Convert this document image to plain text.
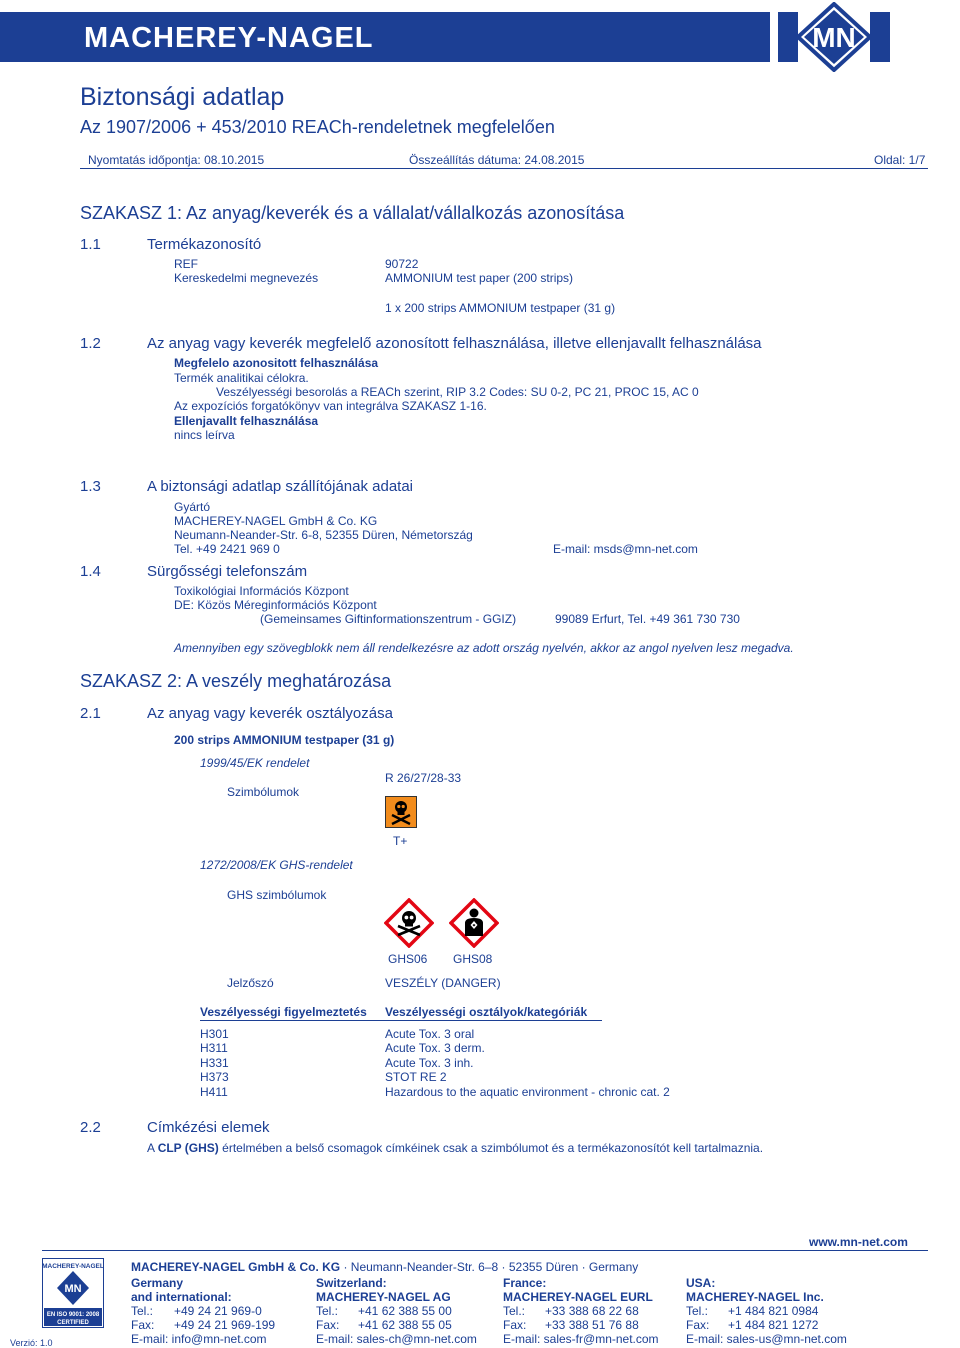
MACHEREY-NAGEL	MN
Biztonsági adatlap
Az 1907/2006 + 453/2010 REACh-rendeletnek megfelelően
Nyomtatás időpontja: 08.10.2015	Összeállítás dátuma: 24.08.2015	Oldal: 1/7
SZAKASZ 1: Az anyag/keverék és a vállalat/vállalkozás azonosítása
1.1	Termékazonosító
REF	90722
Kereskedelmi megnevezés	AMMONIUM test paper (200 strips)
1 x 200 strips AMMONIUM testpaper (31 g)
1.2	Az anyag vagy keverék megfelelő azonosított felhasználása, illetve ellenjavallt felhasználása
Megfelelo azonositott felhasználása
Termék analitikai célokra.
Veszélyességi besorolás a REACh szerint, RIP 3.2 Codes: SU 0-2, PC 21, PROC 15, AC 0
Az expozíciós forgatókönyv van integrálva SZAKASZ 1-16.
Ellenjavallt felhasználása
nincs leírva
1.3	A biztonsági adatlap szállítójának adatai
Gyártó
MACHEREY-NAGEL GmbH & Co. KG
Neumann-Neander-Str. 6-8, 52355 Düren, Németország
Tel. +49 2421 969 0	E-mail: msds@mn-net.com
1.4	Sürgősségi telefonszám
Toxikológiai Információs Központ
DE: Közös Méreginformációs Központ
(Gemeinsames Giftinformationszentrum - GGIZ)	99089 Erfurt, Tel. +49 361 730 730
Amennyiben egy szövegblokk nem áll rendelkezésre az adott ország nyelvén, akkor az angol nyelven lesz megadva.
SZAKASZ 2: A veszély meghatározása
2.1	Az anyag vagy keverék osztályozása
200 strips AMMONIUM testpaper (31 g)
1999/45/EK rendelet
R 26/27/28-33
Szimbólumok
T+
1272/2008/EK GHS-rendelet
GHS szimbólumok
GHS06 GHS08
Jelzőszó	VESZÉLY (DANGER)
Veszélyességi figyelmeztetés Veszélyességi osztályok/kategóriák
H301	Acute Tox. 3 oral
H311	Acute Tox. 3 derm.
H331	Acute Tox. 3 inh.
H373	STOT RE 2
H411	Hazardous to the aquatic environment - chronic cat. 2
2.2	Címkézési elemek
A CLP (GHS) értelmében a belső csomagok címkéinek csak a szimbólumot és a termékazonosítót kell tartalmaznia.
www.mn-net.com
MACHEREY-NAGEL
MN
EN ISO 9001: 2008
CERTIFIED
Verzió: 1.0
MACHEREY-NAGEL GmbH & Co. KG · Neumann-Neander-Str. 6–8 · 52355 Düren · Germany
Germany
and international:
Tel.: +49 24 21 969-0
Fax: +49 24 21 969-199
E-mail: info@mn-net.com
Switzerland:
MACHEREY-NAGEL AG
Tel.: +41 62 388 55 00
Fax: +41 62 388 55 05
E-mail: sales-ch@mn-net.com
France:
MACHEREY-NAGEL EURL
Tel.: +33 388 68 22 68
Fax: +33 388 51 76 88
E-mail: sales-fr@mn-net.com
USA:
MACHEREY-NAGEL Inc.
Tel.: +1 484 821 0984
Fax: +1 484 821 1272
E-mail: sales-us@mn-net.com
